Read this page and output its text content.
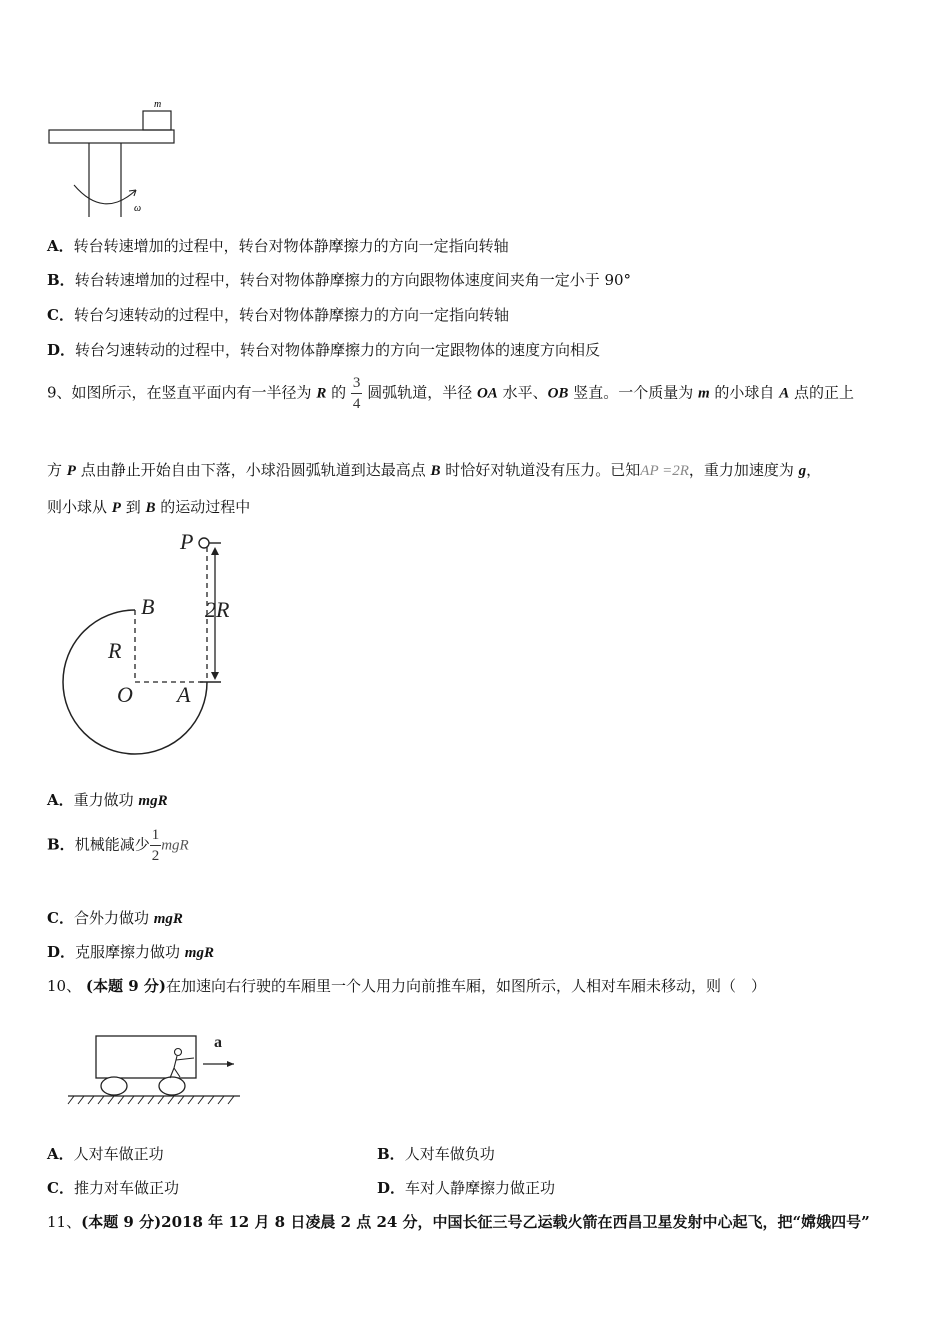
m
ω
A．转台转速增加的过程中，转台对物体静摩擦力的方向一定指向转轴
B．转台转速增加的过程中，转台对物体静摩擦力的方向跟物体速度间夹角一定小于 90°
C．转台匀速转动的过程中，转台对物体静摩擦力的方向一定指向转轴
D．转台匀速转动的过程中，转台对物体静摩擦力的方向一定跟物体的速度方向相反
9、如图所示，在竖直平面内有一半径为 R 的 $\frac{3}{4}$ 圆弧轨道，半径 OA 水平、OB 竖直。一个质量为 m 的小球自 A 点的正上
方 P 点由静止开始自由下落，小球沿圆弧轨道到达最高点 B 时恰好对轨道没有压力。已知AP =2R，重力加速度为 g，
则小球从 P 到 B 的运动过程中
P
B 2R
R
O A
A．重力做功 mgR
B．机械能减少 $\frac{1}{2}$ mgR
C．合外力做功 mgR
D．克服摩擦力做功 mgR
10、 (本题 9 分)在加速向右行驶的车厢里一个人用力向前推车厢，如图所示，人相对车厢未移动，则（　）
a
A．人对车做正功	B．人对车做负功
C．推力对车做正功	D．车对人静摩擦力做正功
11、(本题 9 分)2018 年 12 月 8 日凌晨 2 点 24 分，中国长征三号乙运载火箭在西昌卫星发射中心起飞，把“嫦娥四号”
